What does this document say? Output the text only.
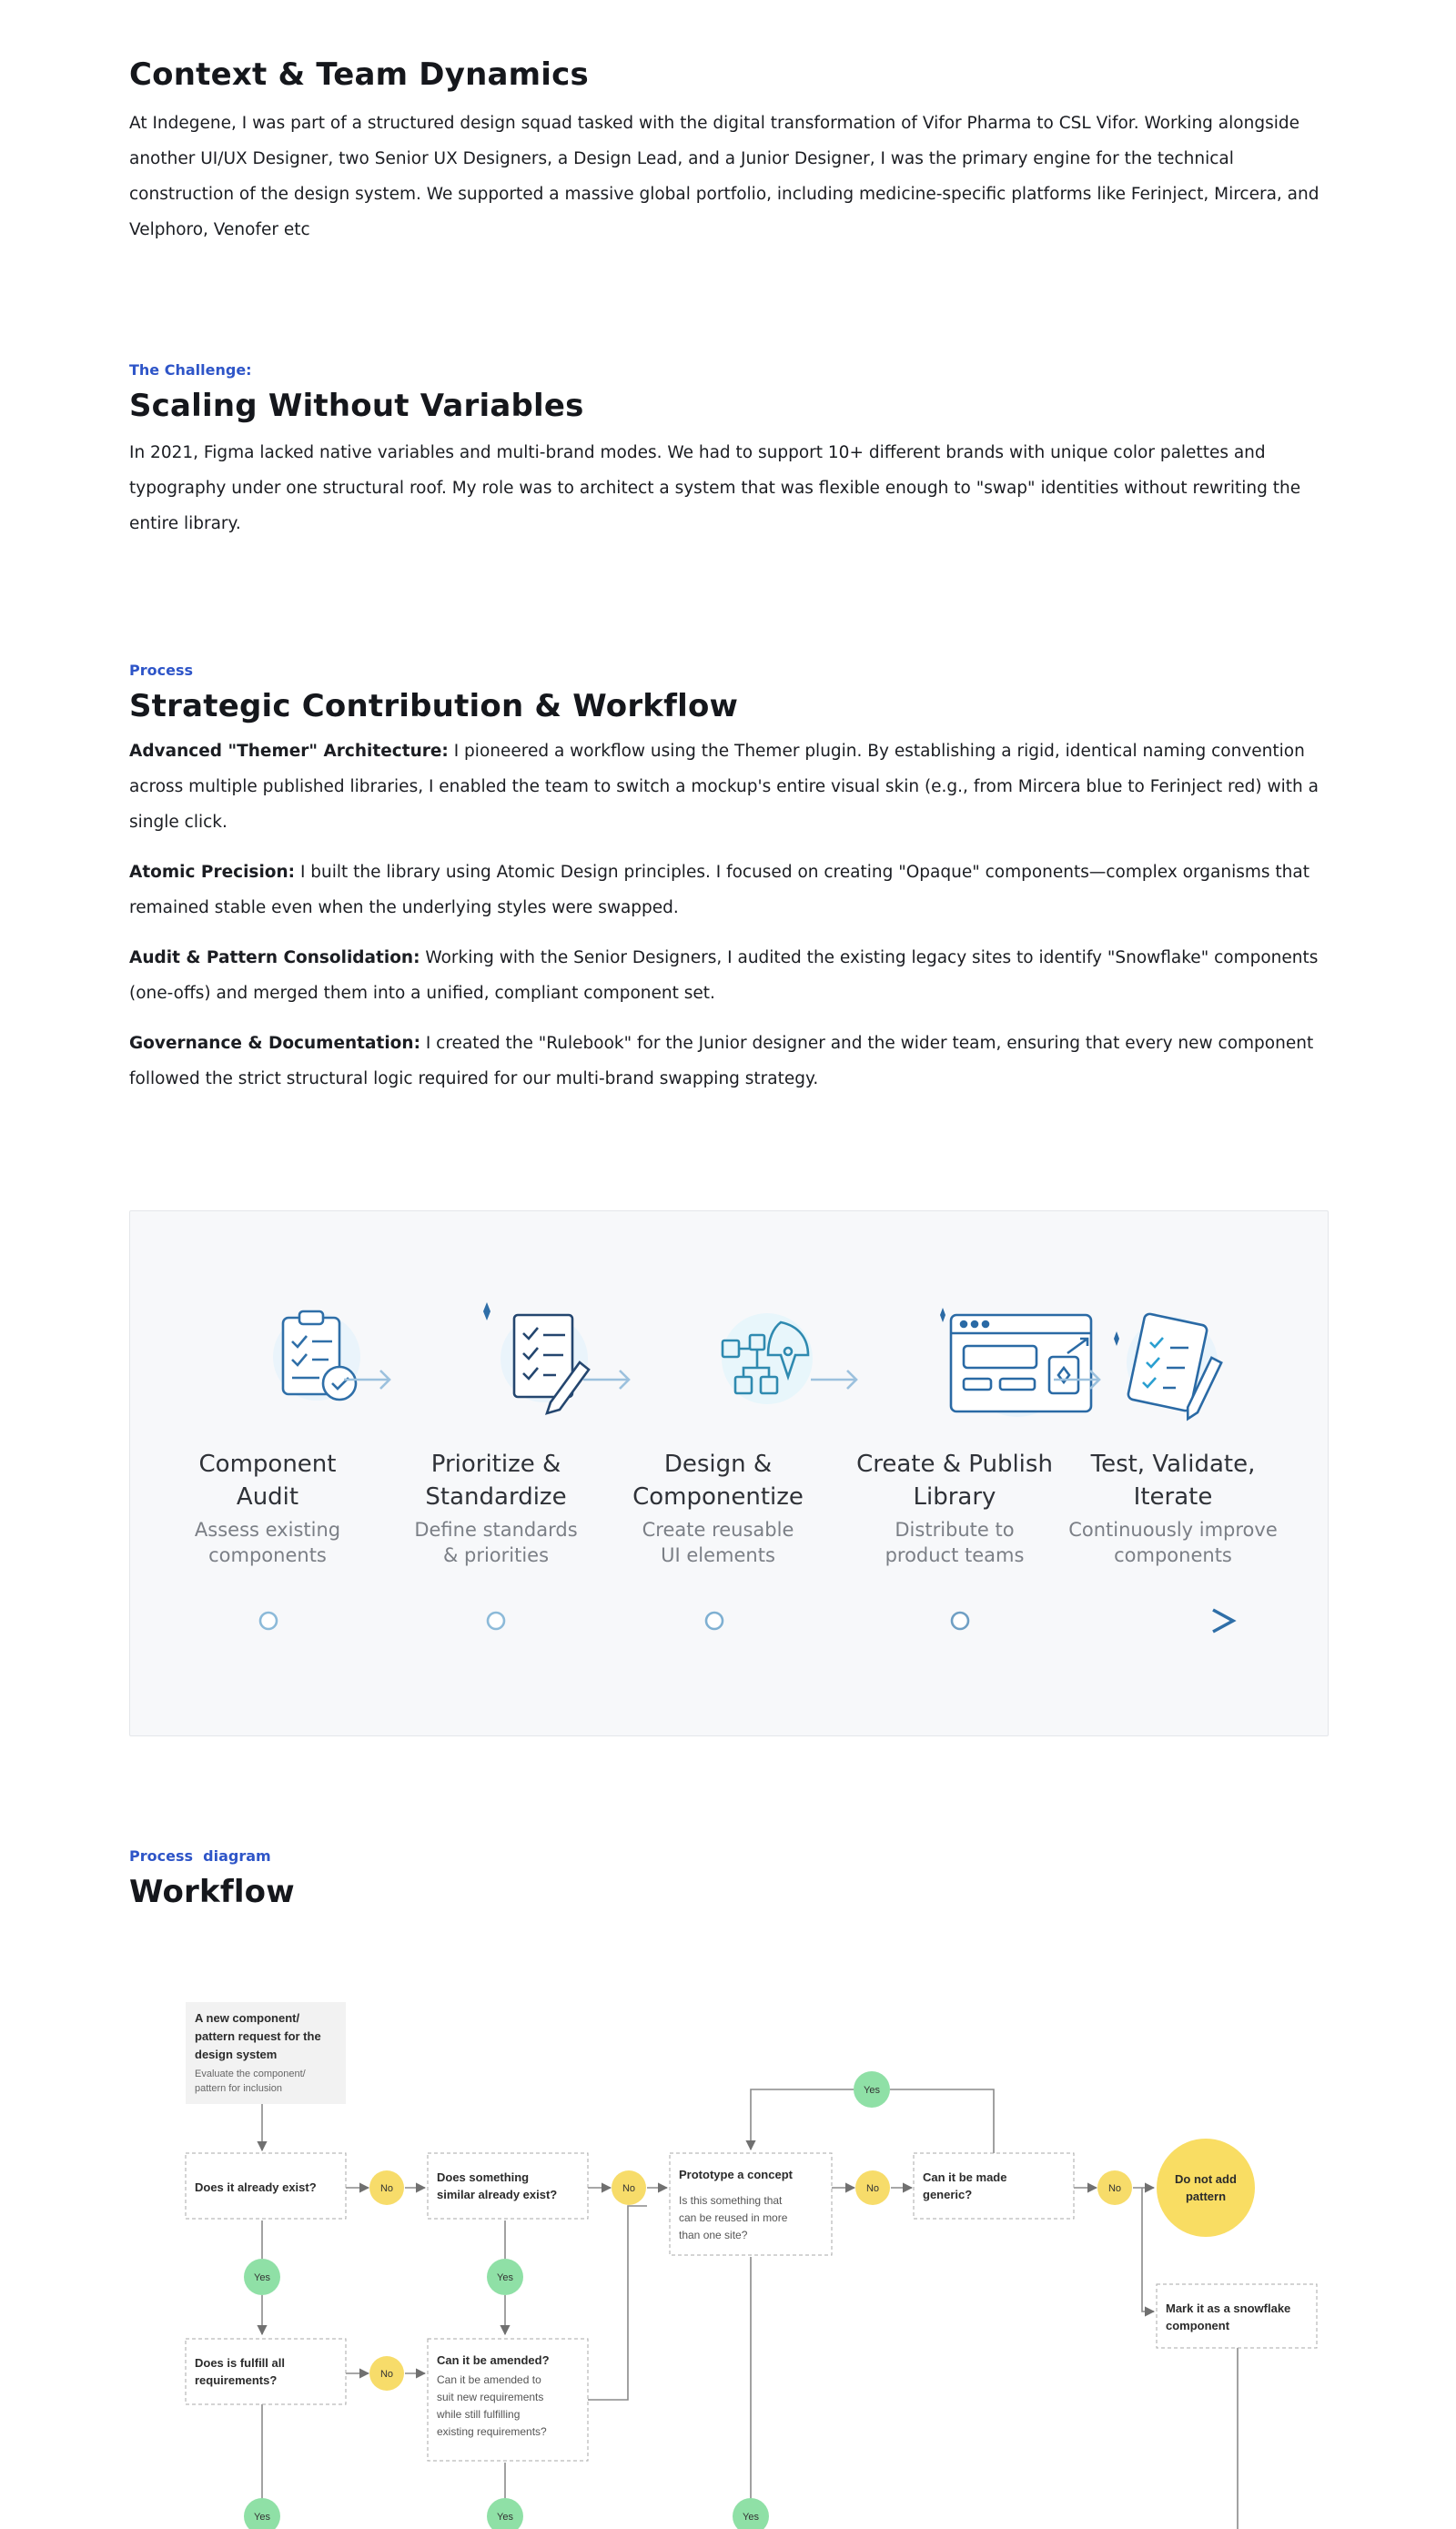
Context & Team Dynamics

At Indegene, I was part of a structured design squad tasked with the digital transformation of Vifor Pharma to CSL Vifor. Working alongside another UI/UX Designer, two Senior UX Designers, a Design Lead, and a Junior Designer, I was the primary engine for the technical construction of the design system. We supported a massive global portfolio, including medicine-specific platforms like Ferinject, Mircera, and Velphoro, Venofer etc

The Challenge:
Scaling Without Variables

In 2021, Figma lacked native variables and multi-brand modes. We had to support 10+ different brands with unique color palettes and typography under one structural roof. My role was to architect a system that was flexible enough to "swap" identities without rewriting the entire library.

Process
Strategic Contribution & Workflow

Advanced "Themer" Architecture: I pioneered a workflow using the Themer plugin. By establishing a rigid, identical naming convention across multiple published libraries, I enabled the team to switch a mockup's entire visual skin (e.g., from Mircera blue to Ferinject red) with a single click.

Atomic Precision: I built the library using Atomic Design principles. I focused on creating "Opaque" components—complex organisms that remained stable even when the underlying styles were swapped.

Audit & Pattern Consolidation: Working with the Senior Designers, I audited the existing legacy sites to identify "Snowflake" components (one-offs) and merged them into a unified, compliant component set.

Governance & Documentation: I created the "Rulebook" for the Junior designer and the wider team, ensuring that every new component followed the strict structural logic required for our multi-brand swapping strategy.

Component
Audit
Assess existing
components
Prioritize &
Standardize
Define standards
& priorities
Design &
Componentize
Create reusable
UI elements
Create & Publish
Library
Distribute to
product teams
Test, Validate,
Iterate
Continuously improve
components
Process  diagram
Workflow
A new component/
pattern request for the
design system
Evaluate the component/
pattern for inclusion
Does it already exist?
Does something
similar already exist?
Prototype a concept
Is this something that
can be reused in more
than one site?
Can it be made
generic?
Do not add
pattern
Mark it as a snowflake
component
Does is fulfill all
requirements?
Can it be amended?
Can it be amended to
suit new requirements
while still fulfilling
existing requirements?
No	No	No	No
No
Yes
Yes	Yes
Yes	Yes	Yes
